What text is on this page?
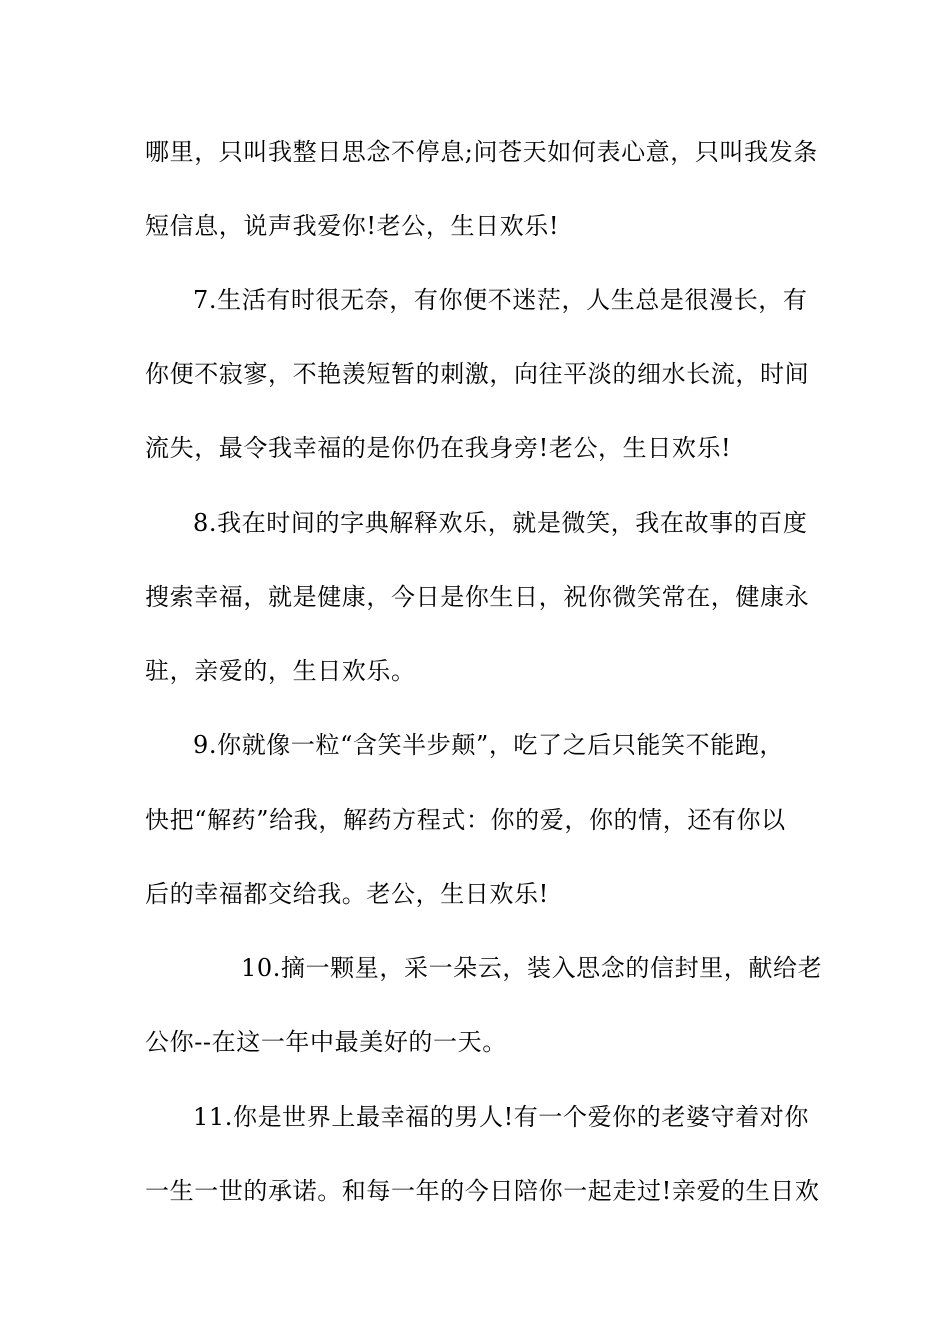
哪里，只叫我整日思念不停息;问苍天如何表心意，只叫我发条
短信息，说声我爱你!老公，生日欢乐!
7.生活有时很无奈，有你便不迷茫，人生总是很漫长，有
你便不寂寥，不艳羡短暂的刺激，向往平淡的细水长流，时间
流失，最令我幸福的是你仍在我身旁!老公，生日欢乐!
8.我在时间的字典解释欢乐，就是微笑，我在故事的百度
搜索幸福，就是健康，今日是你生日，祝你微笑常在，健康永
驻，亲爱的，生日欢乐。
9.你就像一粒“含笑半步颠”，吃了之后只能笑不能跑，
快把“解药”给我，解药方程式：你的爱，你的情，还有你以
后的幸福都交给我。老公，生日欢乐!
10.摘一颗星，采一朵云，装入思念的信封里，献给老
公你--在这一年中最美好的一天。
11.你是世界上最幸福的男人!有一个爱你的老婆守着对你
一生一世的承诺。和每一年的今日陪你一起走过!亲爱的生日欢
